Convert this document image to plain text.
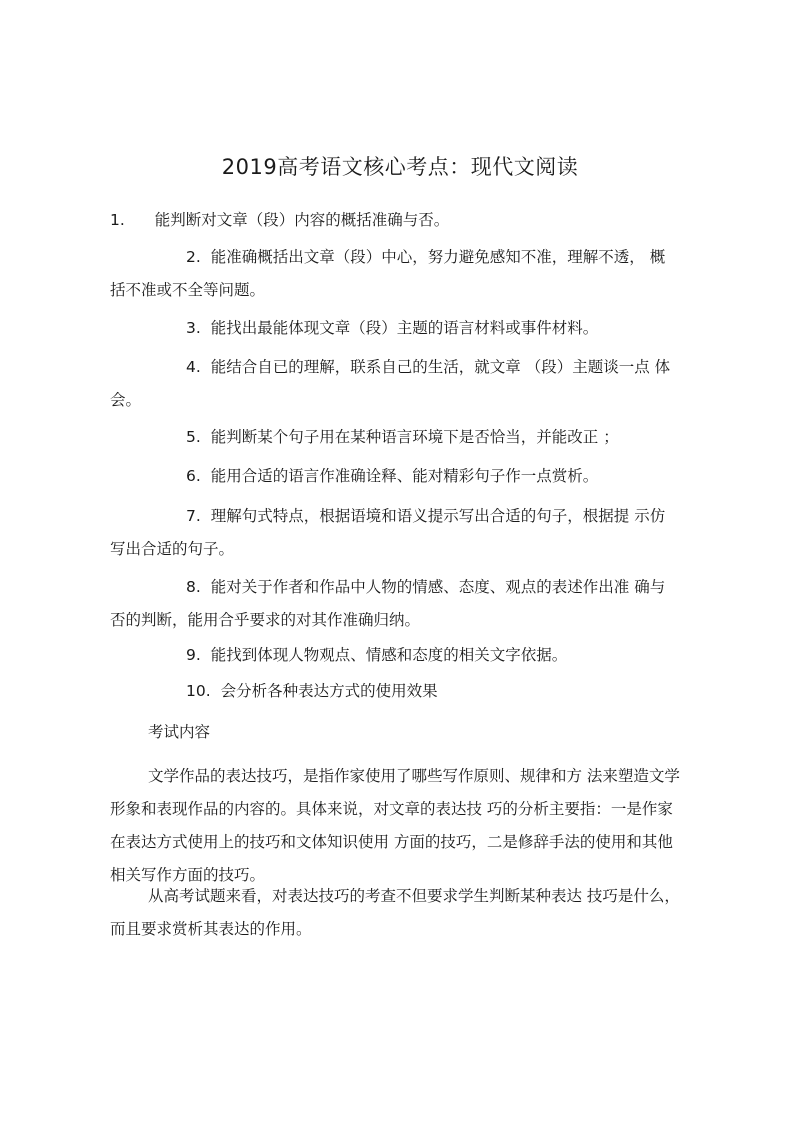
2019高考语文核心考点：现代文阅读
1. 能判断对文章（段）内容的概括准确与否。
2. 能准确概括出文章（段）中心，努力避免感知不准，理解不透， 概括不准或不全等问题。
3. 能找出最能体现文章（段）主题的语言材料或事件材料。
4. 能结合自已的理解，联系自己的生活，就文章 （段）主题谈一点 体会。
5. 能判断某个句子用在某种语言环境下是否恰当，并能改正 ；
6. 能用合适的语言作准确诠释、能对精彩句子作一点赏析。
7. 理解句式特点，根据语境和语义提示写出合适的句子，根据提 示仿写出合适的句子。
8. 能对关于作者和作品中人物的情感、态度、观点的表述作出准 确与否的判断，能用合乎要求的对其作准确归纳。
9. 能找到体现人物观点、情感和态度的相关文字依据。
10. 会分析各种表达方式的使用效果
考试内容
文学作品的表达技巧，是指作家使用了哪些写作原则、规律和方 法来塑造文学形象和表现作品的内容的。具体来说，对文章的表达技 巧的分析主要指：一是作家在表达方式使用上的技巧和文体知识使用 方面的技巧，二是修辞手法的使用和其他相关写作方面的技巧。
从高考试题来看，对表达技巧的考查不但要求学生判断某种表达 技巧是什么，而且要求赏析其表达的作用。
